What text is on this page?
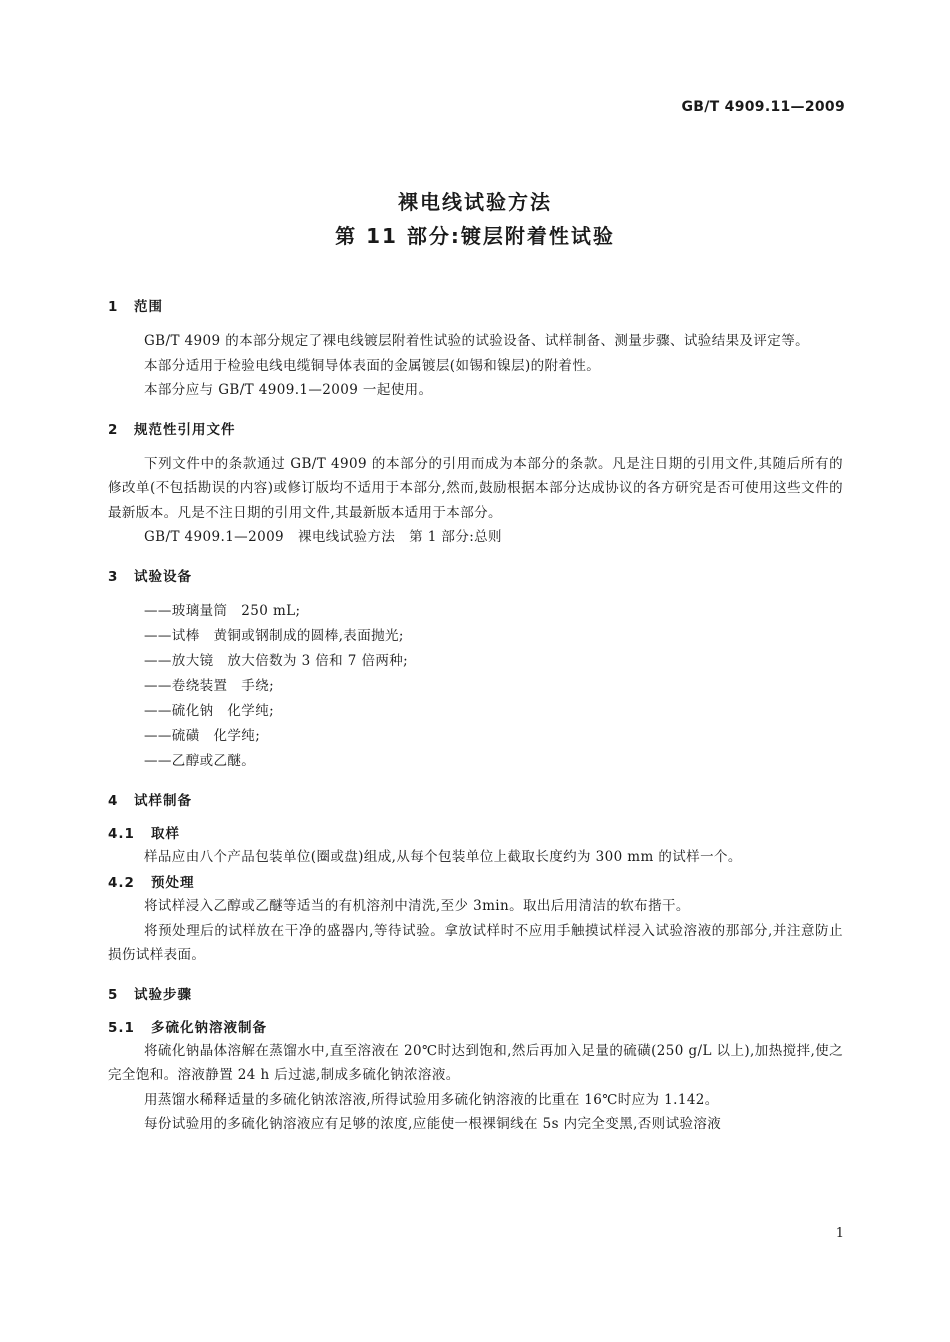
GB/T 4909.11—2009
裸电线试验方法
第 11 部分:镀层附着性试验
1 范围
GB/T 4909 的本部分规定了裸电线镀层附着性试验的试验设备、试样制备、测量步骤、试验结果及评定等。
本部分适用于检验电线电缆铜导体表面的金属镀层(如锡和镍层)的附着性。
本部分应与 GB/T 4909.1—2009 一起使用。
2 规范性引用文件
下列文件中的条款通过 GB/T 4909 的本部分的引用而成为本部分的条款。凡是注日期的引用文件,其随后所有的修改单(不包括勘误的内容)或修订版均不适用于本部分,然而,鼓励根据本部分达成协议的各方研究是否可使用这些文件的最新版本。凡是不注日期的引用文件,其最新版本适用于本部分。
GB/T 4909.1—2009　裸电线试验方法　第 1 部分:总则
3 试验设备
——玻璃量筒　250 mL;
——试棒　黄铜或钢制成的圆棒,表面抛光;
——放大镜　放大倍数为 3 倍和 7 倍两种;
——卷绕装置　手绕;
——硫化钠　化学纯;
——硫磺　化学纯;
——乙醇或乙醚。
4 试样制备
4.1 取样
样品应由八个产品包装单位(圈或盘)组成,从每个包装单位上截取长度约为 300 mm 的试样一个。
4.2 预处理
将试样浸入乙醇或乙醚等适当的有机溶剂中清洗,至少 3min。取出后用清洁的软布揩干。
将预处理后的试样放在干净的盛器内,等待试验。拿放试样时不应用手触摸试样浸入试验溶液的那部分,并注意防止损伤试样表面。
5 试验步骤
5.1 多硫化钠溶液制备
将硫化钠晶体溶解在蒸馏水中,直至溶液在 20℃时达到饱和,然后再加入足量的硫磺(250 g/L 以上),加热搅拌,使之完全饱和。溶液静置 24 h 后过滤,制成多硫化钠浓溶液。
用蒸馏水稀释适量的多硫化钠浓溶液,所得试验用多硫化钠溶液的比重在 16℃时应为 1.142。
每份试验用的多硫化钠溶液应有足够的浓度,应能使一根裸铜线在 5s 内完全变黑,否则试验溶液
1
